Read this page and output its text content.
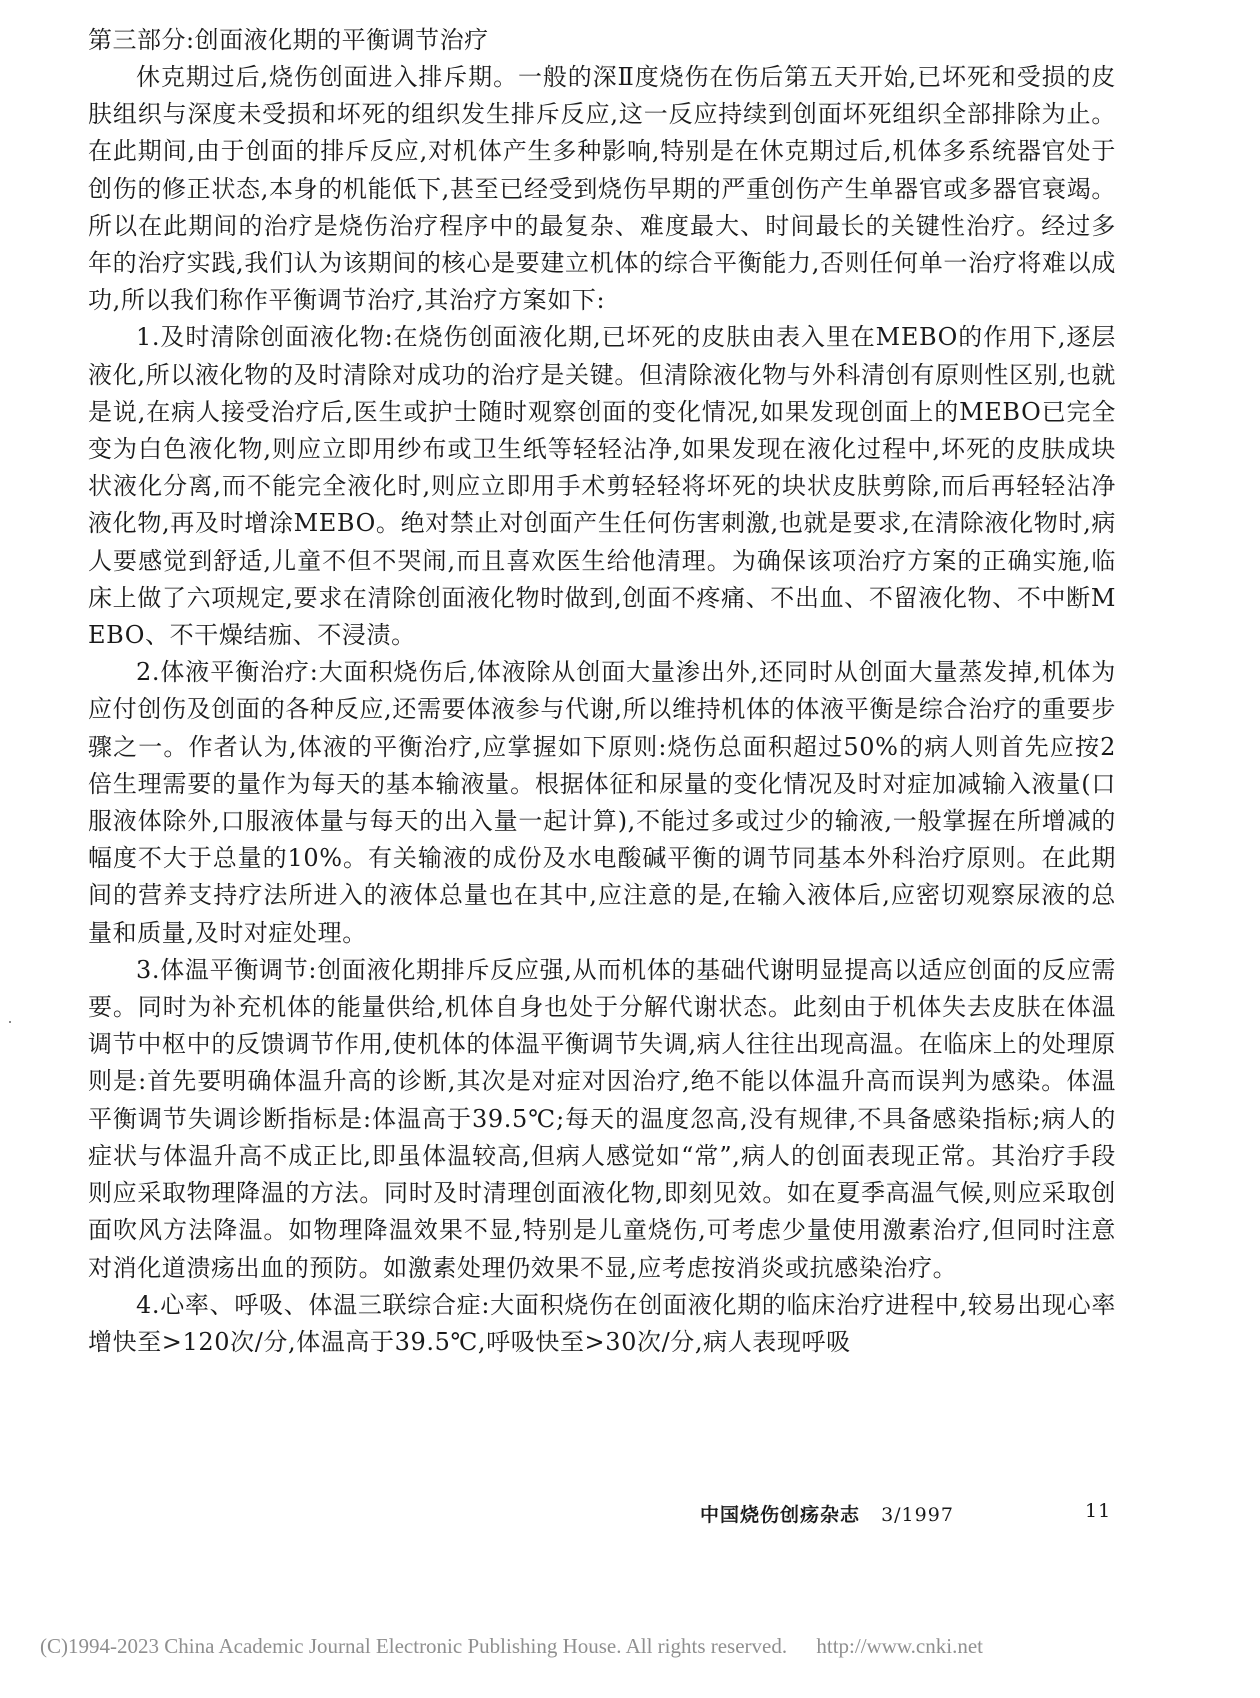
第三部分:创面液化期的平衡调节治疗

休克期过后,烧伤创面进入排斥期。一般的深Ⅱ度烧伤在伤后第五天开始,已坏死和受损的皮肤组织与深度未受损和坏死的组织发生排斥反应,这一反应持续到创面坏死组织全部排除为止。在此期间,由于创面的排斥反应,对机体产生多种影响,特别是在休克期过后,机体多系统器官处于创伤的修正状态,本身的机能低下,甚至已经受到烧伤早期的严重创伤产生单器官或多器官衰竭。所以在此期间的治疗是烧伤治疗程序中的最复杂、难度最大、时间最长的关键性治疗。经过多年的治疗实践,我们认为该期间的核心是要建立机体的综合平衡能力,否则任何单一治疗将难以成功,所以我们称作平衡调节治疗,其治疗方案如下:

1.及时清除创面液化物:在烧伤创面液化期,已坏死的皮肤由表入里在MEBO的作用下,逐层液化,所以液化物的及时清除对成功的治疗是关键。但清除液化物与外科清创有原则性区别,也就是说,在病人接受治疗后,医生或护士随时观察创面的变化情况,如果发现创面上的MEBO已完全变为白色液化物,则应立即用纱布或卫生纸等轻轻沾净,如果发现在液化过程中,坏死的皮肤成块状液化分离,而不能完全液化时,则应立即用手术剪轻轻将坏死的块状皮肤剪除,而后再轻轻沾净液化物,再及时增涂MEBO。绝对禁止对创面产生任何伤害刺激,也就是要求,在清除液化物时,病人要感觉到舒适,儿童不但不哭闹,而且喜欢医生给他清理。为确保该项治疗方案的正确实施,临床上做了六项规定,要求在清除创面液化物时做到,创面不疼痛、不出血、不留液化物、不中断MEBO、不干燥结痂、不浸渍。

2.体液平衡治疗:大面积烧伤后,体液除从创面大量渗出外,还同时从创面大量蒸发掉,机体为应付创伤及创面的各种反应,还需要体液参与代谢,所以维持机体的体液平衡是综合治疗的重要步骤之一。作者认为,体液的平衡治疗,应掌握如下原则:烧伤总面积超过50%的病人则首先应按2倍生理需要的量作为每天的基本输液量。根据体征和尿量的变化情况及时对症加减输入液量(口服液体除外,口服液体量与每天的出入量一起计算),不能过多或过少的输液,一般掌握在所增减的幅度不大于总量的10%。有关输液的成份及水电酸碱平衡的调节同基本外科治疗原则。在此期间的营养支持疗法所进入的液体总量也在其中,应注意的是,在输入液体后,应密切观察尿液的总量和质量,及时对症处理。

3.体温平衡调节:创面液化期排斥反应强,从而机体的基础代谢明显提高以适应创面的反应需要。同时为补充机体的能量供给,机体自身也处于分解代谢状态。此刻由于机体失去皮肤在体温调节中枢中的反馈调节作用,使机体的体温平衡调节失调,病人往往出现高温。在临床上的处理原则是:首先要明确体温升高的诊断,其次是对症对因治疗,绝不能以体温升高而误判为感染。体温平衡调节失调诊断指标是:体温高于39.5℃;每天的温度忽高,没有规律,不具备感染指标;病人的症状与体温升高不成正比,即虽体温较高,但病人感觉如“常”,病人的创面表现正常。其治疗手段则应采取物理降温的方法。同时及时清理创面液化物,即刻见效。如在夏季高温气候,则应采取创面吹风方法降温。如物理降温效果不显,特别是儿童烧伤,可考虑少量使用激素治疗,但同时注意对消化道溃疡出血的预防。如激素处理仍效果不显,应考虑按消炎或抗感染治疗。

4.心率、呼吸、体温三联综合症:大面积烧伤在创面液化期的临床治疗进程中,较易出现心率增快至>120次/分,体温高于39.5℃,呼吸快至>30次/分,病人表现呼吸

中国烧伤创疡杂志 3/1997	11
(C)1994-2023 China Academic Journal Electronic Publishing House. All rights reserved. http://www.cnki.net
